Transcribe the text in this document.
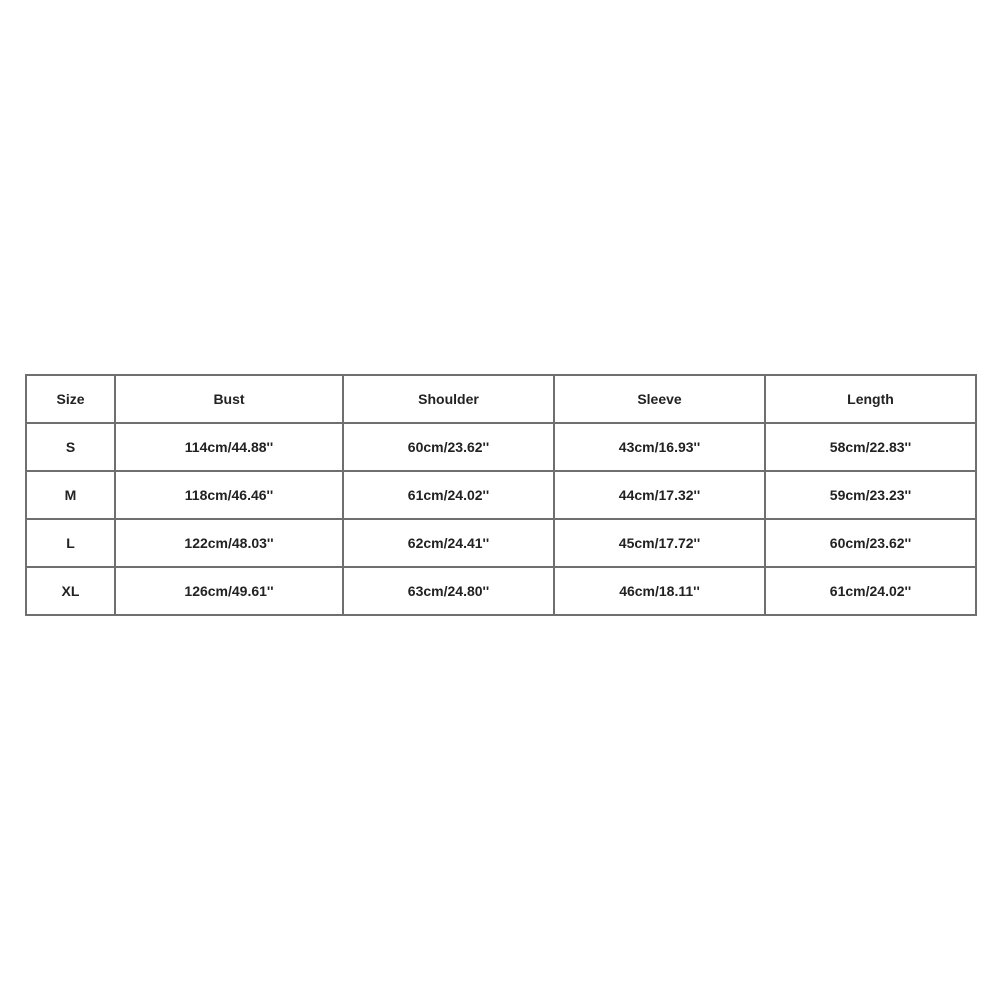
Size	Bust	Shoulder	Sleeve	Length
S	114cm/44.88''	60cm/23.62''	43cm/16.93''	58cm/22.83''
M	118cm/46.46''	61cm/24.02''	44cm/17.32''	59cm/23.23''
L	122cm/48.03''	62cm/24.41''	45cm/17.72''	60cm/23.62''
XL	126cm/49.61''	63cm/24.80''	46cm/18.11''	61cm/24.02''
